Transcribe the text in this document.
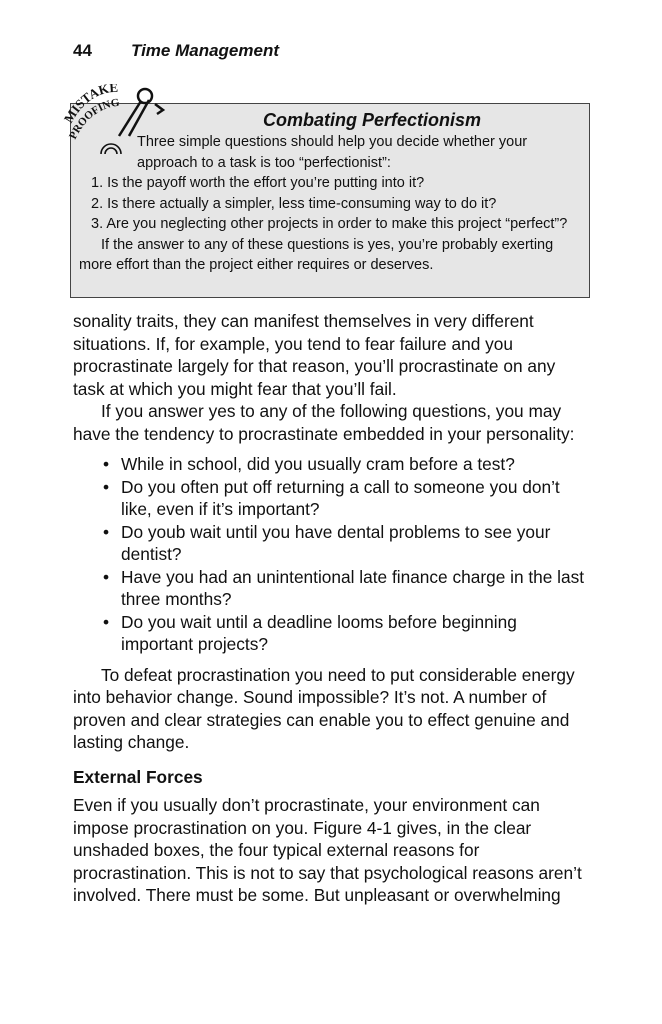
44 Time Management
MISTAKE
PROOFING
Combating Perfectionism

Three simple questions should help you decide whether your approach to a task is too “perfectionist”:

1. Is the payoff worth the effort you’re putting into it?
2. Is there actually a simpler, less time-consuming way to do it?
3. Are you neglecting other projects in order to make this project “perfect”?

If the answer to any of these questions is yes, you’re probably exerting more effort than the project either requires or deserves.

sonality traits, they can manifest themselves in very different situations. If, for example, you tend to fear failure and you procrastinate largely for that reason, you’ll procrastinate on any task at which you might fear that you’ll fail.

If you answer yes to any of the following questions, you may have the tendency to procrastinate embedded in your personality:

• While in school, did you usually cram before a test?
• Do you often put off returning a call to someone you don’t like, even if it’s important?
• Do youb wait until you have dental problems to see your dentist?
• Have you had an unintentional late finance charge in the last three months?
• Do you wait until a deadline looms before beginning important projects?

To defeat procrastination you need to put considerable energy into behavior change. Sound impossible? It’s not. A number of proven and clear strategies can enable you to effect genuine and lasting change.

External Forces

Even if you usually don’t procrastinate, your environment can impose procrastination on you. Figure 4-1 gives, in the clear unshaded boxes, the four typical external reasons for procrastination. This is not to say that psychological reasons aren’t involved. There must be some. But unpleasant or overwhelming
